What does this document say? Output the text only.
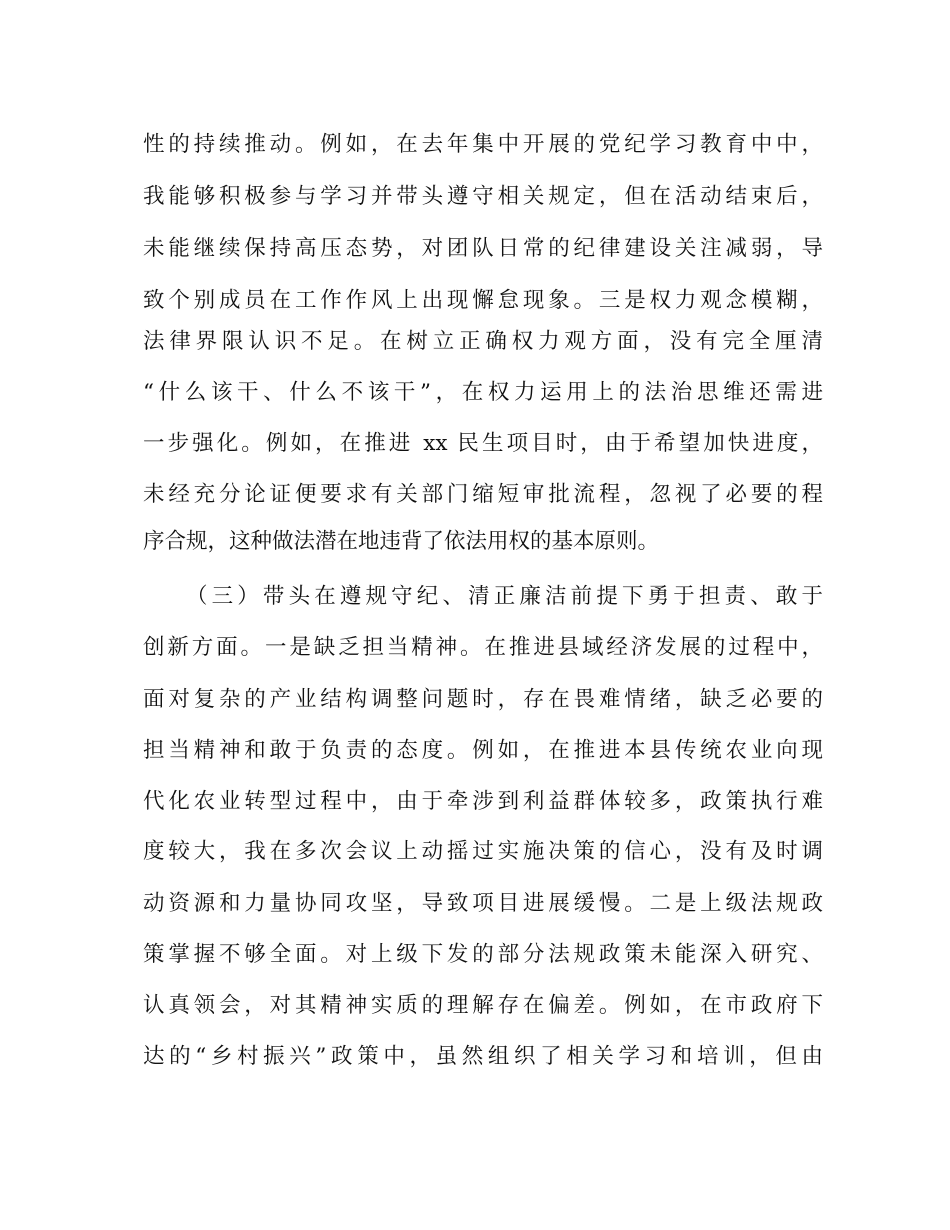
性的持续推动。例如，在去年集中开展的党纪学习教育中中，
我能够积极参与学习并带头遵守相关规定，但在活动结束后，
未能继续保持高压态势，对团队日常的纪律建设关注减弱，导
致个别成员在工作作风上出现懈怠现象。三是权力观念模糊，
法律界限认识不足。在树立正确权力观方面，没有完全厘清
“什么该干、什么不该干”，在权力运用上的法治思维还需进
一步强化。例如，在推进 xx 民生项目时，由于希望加快进度，
未经充分论证便要求有关部门缩短审批流程，忽视了必要的程
序合规，这种做法潜在地违背了依法用权的基本原则。
（三）带头在遵规守纪、清正廉洁前提下勇于担责、敢于
创新方面。一是缺乏担当精神。在推进县域经济发展的过程中，
面对复杂的产业结构调整问题时，存在畏难情绪，缺乏必要的
担当精神和敢于负责的态度。例如，在推进本县传统农业向现
代化农业转型过程中，由于牵涉到利益群体较多，政策执行难
度较大，我在多次会议上动摇过实施决策的信心，没有及时调
动资源和力量协同攻坚，导致项目进展缓慢。二是上级法规政
策掌握不够全面。对上级下发的部分法规政策未能深入研究、
认真领会，对其精神实质的理解存在偏差。例如，在市政府下
达的“乡村振兴”政策中，虽然组织了相关学习和培训，但由
